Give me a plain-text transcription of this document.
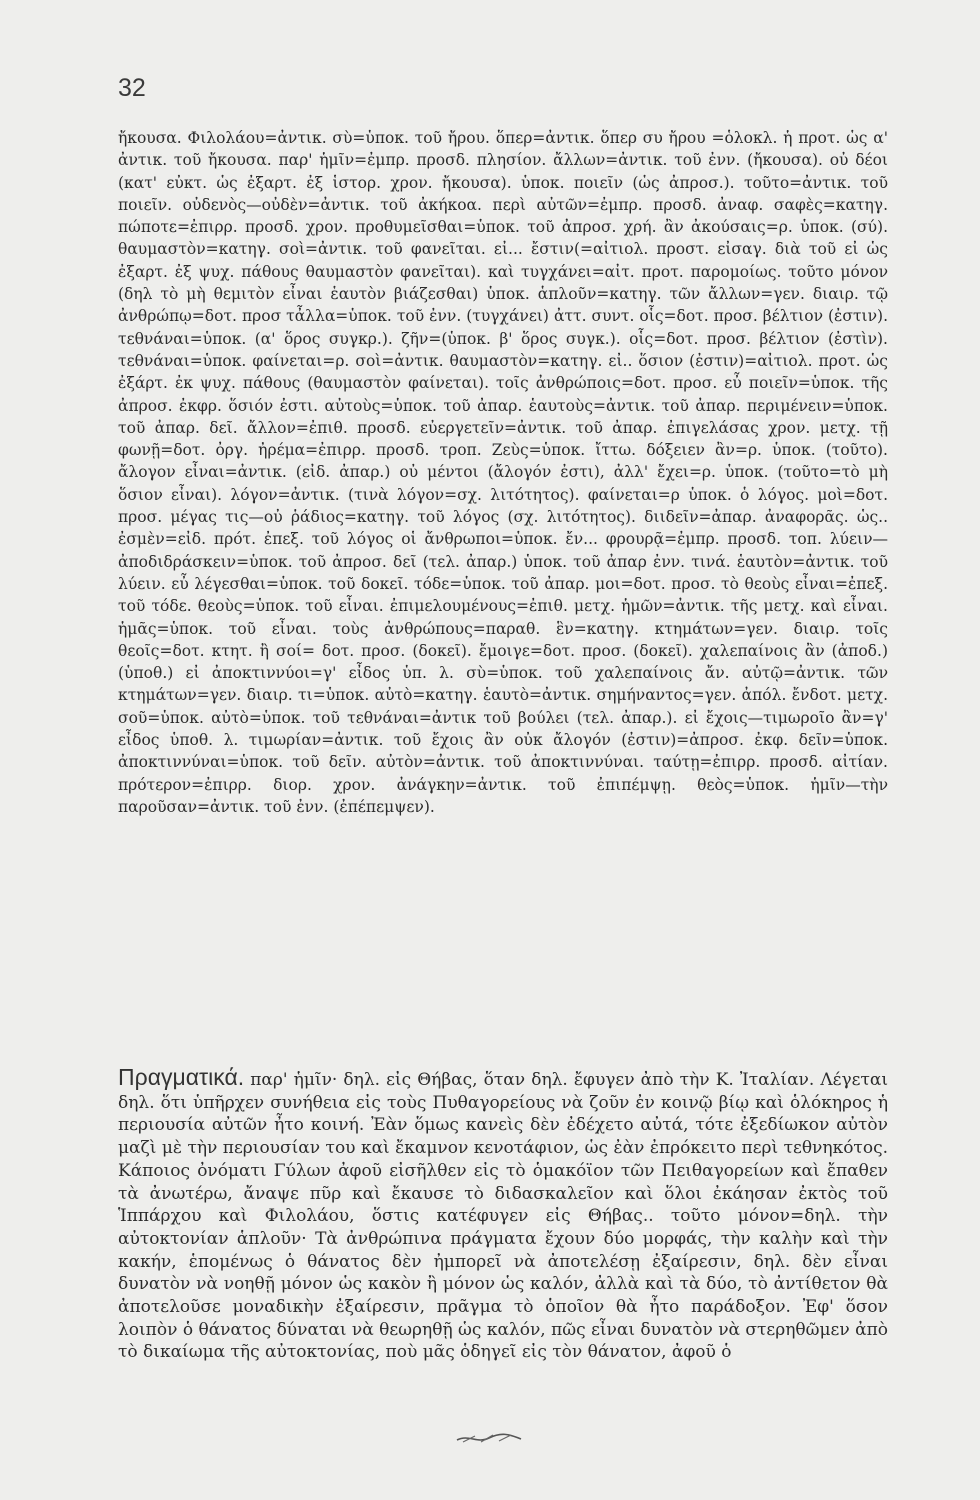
32

ἤκουσα. Φιλολάου=ἀντικ. σὺ=ὑποκ. τοῦ ἤρου. ὅπερ=ἀντικ. ὅπερ συ ἤρου =ὁλοκλ. ἡ προτ. ὡς α' ἀντικ. τοῦ ἤκουσα. παρ' ἡμῖν=ἐμπρ. προσδ. πλησίον. ἄλλων=ἀντικ. τοῦ ἐνν. (ἤκουσα). οὐ δέοι (κατ' εὐκτ. ὡς ἐξαρτ. ἐξ ἱστορ. χρον. ἤκουσα). ὑποκ. ποιεῖν (ὡς ἀπροσ.). τοῦτο=ἀντικ. τοῦ ποιεῖν. οὐδενὸς—οὐδὲν=ἀντικ. τοῦ ἀκήκοα. περὶ αὐτῶν=ἐμπρ. προσδ. ἀναφ. σαφὲς=κατηγ. πώποτε=ἐπιρρ. προσδ. χρον. προθυμεῖσθαι=ὑποκ. τοῦ ἀπροσ. χρή. ἂν ἀκούσαις=ρ. ὑποκ. (σύ). θαυμαστὸν=κατηγ. σοὶ=ἀντικ. τοῦ φανεῖται. εἰ... ἔστιν(=αἰτιολ. προστ. εἰσαγ. διὰ τοῦ εἰ ὡς ἐξαρτ. ἐξ ψυχ. πάθους θαυμαστὸν φανεῖται). καὶ τυγχάνει=αἰτ. προτ. παρομοίως. τοῦτο μόνον (δηλ τὸ μὴ θεμιτὸν εἶναι ἑαυτὸν βιάζεσθαι) ὑποκ. ἁπλοῦν=κατηγ. τῶν ἄλλων=γεν. διαιρ. τῷ ἀνθρώπῳ=δοτ. προσ τἆλλα=ὑποκ. τοῦ ἐνν. (τυγχάνει) ἀττ. συντ. οἷς=δοτ. προσ. βέλτιον (ἐστιν). τεθνάναι=ὑποκ. (α' ὅρος συγκρ.). ζῆν=(ὑποκ. β' ὅρος συγκ.). οἷς=δοτ. προσ. βέλτιον (ἐστὶν). τεθνάναι=ὑποκ. φαίνεται=ρ. σοὶ=ἀντικ. θαυμαστὸν=κατηγ. εἰ.. ὅσιον (ἐστιν)=αἰτιολ. προτ. ὡς ἐξάρτ. ἐκ ψυχ. πάθους (θαυμαστὸν φαίνεται). τοῖς ἀνθρώποις=δοτ. προσ. εὖ ποιεῖν=ὑποκ. τῆς ἀπροσ. ἐκφρ. ὅσιόν ἐστι. αὐτοὺς=ὑποκ. τοῦ ἀπαρ. ἑαυτοὺς=ἀντικ. τοῦ ἀπαρ. περιμένειν=ὑποκ. τοῦ ἀπαρ. δεῖ. ἄλλον=ἐπιθ. προσδ. εὐεργετεῖν=ἀντικ. τοῦ ἀπαρ. ἐπιγελάσας χρον. μετχ. τῇ φωνῇ=δοτ. ὀργ. ἠρέμα=ἐπιρρ. προσδ. τροπ. Ζεὺς=ὑποκ. ἴττω. δόξειεν ἂν=ρ. ὑποκ. (τοῦτο). ἄλογον εἶναι=ἀντικ. (εἰδ. ἀπαρ.) οὐ μέντοι (ἄλογόν ἐστι), ἀλλ' ἔχει=ρ. ὑποκ. (τοῦτο=τὸ μὴ ὅσιον εἶναι). λόγον=ἀντικ. (τινὰ λόγον=σχ. λιτότητος). φαίνεται=ρ ὑποκ. ὁ λόγος. μοὶ=δοτ. προσ. μέγας τις—οὐ ῥάδιος=κατηγ. τοῦ λόγος (σχ. λιτότητος). διιδεῖν=ἀπαρ. ἀναφορᾶς. ὡς.. ἐσμὲν=εἰδ. πρότ. ἐπεξ. τοῦ λόγος οἱ ἄνθρωποι=ὑποκ. ἔν... φρουρᾷ=ἐμπρ. προσδ. τοπ. λύειν—ἀποδιδράσκειν=ὑποκ. τοῦ ἀπροσ. δεῖ (τελ. ἀπαρ.) ὑποκ. τοῦ ἀπαρ ἐνν. τινά. ἑαυτὸν=ἀντικ. τοῦ λύειν. εὖ λέγεσθαι=ὑποκ. τοῦ δοκεῖ. τόδε=ὑποκ. τοῦ ἀπαρ. μοι=δοτ. προσ. τὸ θεοὺς εἶναι=ἐπεξ. τοῦ τόδε. θεοὺς=ὑποκ. τοῦ εἶναι. ἐπιμελουμένους=ἐπιθ. μετχ. ἡμῶν=ἀντικ. τῆς μετχ. καὶ εἶναι. ἡμᾶς=ὑποκ. τοῦ εἶναι. τοὺς ἀνθρώπους=παραθ. ἓν=κατηγ. κτημάτων=γεν. διαιρ. τοῖς θεοῖς=δοτ. κτητ. ἢ σοί= δοτ. προσ. (δοκεῖ). ἔμοιγε=δοτ. προσ. (δοκεῖ). χαλεπαίνοις ἂν (ἀποδ.) (ὑποθ.) εἰ ἀποκτιννύοι=γ' εἶδος ὑπ. λ. σὺ=ὑποκ. τοῦ χαλεπαίνοις ἄν. αὐτῷ=ἀντικ. τῶν κτημάτων=γεν. διαιρ. τι=ὑποκ. αὐτὸ=κατηγ. ἑαυτὸ=ἀντικ. σημήναντος=γεν. ἀπόλ. ἔνδοτ. μετχ. σοῦ=ὑποκ. αὐτὸ=ὑποκ. τοῦ τεθνάναι=ἀντικ τοῦ βούλει (τελ. ἀπαρ.). εἰ ἔχοις—τιμωροῖο ἂν=γ' εἶδος ὑποθ. λ. τιμωρίαν=ἀντικ. τοῦ ἔχοις ἂν οὐκ ἄλογόν (ἐστιν)=ἀπροσ. ἐκφ. δεῖν=ὑποκ. ἀποκτιννύναι=ὑποκ. τοῦ δεῖν. αὐτὸν=ἀντικ. τοῦ ἀποκτιννύναι. ταύτῃ=ἐπιρρ. προσδ. αἰτίαν. πρότερον=ἐπιρρ. διορ. χρον. ἀνάγκην=ἀντικ. τοῦ ἐπιπέμψῃ. θεὸς=ὑποκ. ἡμῖν—τὴν παροῦσαν=ἀντικ. τοῦ ἐνν. (ἐπέπεμψεν).

Πραγματικά. παρ' ἡμῖν· δηλ. εἰς Θήβας, ὅταν δηλ. ἔφυγεν ἀπὸ τὴν Κ. Ἰταλίαν. Λέγεται δηλ. ὅτι ὑπῆρχεν συνήθεια εἰς τοὺς Πυθαγορείους νὰ ζοῦν ἐν κοινῷ βίῳ καὶ ὁλόκηρος ἡ περιουσία αὐτῶν ἦτο κοινή. Ἐὰν ὅμως κανεὶς δὲν ἐδέχετο αὐτά, τότε ἐξεδίωκον αὐτὸν μαζὶ μὲ τὴν περιουσίαν του καὶ ἔκαμνον κενοτάφιον, ὡς ἐὰν ἐπρόκειτο περὶ τεθνηκότος. Κάποιος ὀνόματι Γύλων ἀφοῦ εἰσῆλθεν εἰς τὸ ὁμακόϊον τῶν Πειθαγορείων καὶ ἔπαθεν τὰ ἀνωτέρω, ἄναψε πῦρ καὶ ἔκαυσε τὸ διδασκαλεῖον καὶ ὅλοι ἐκάησαν ἐκτὸς τοῦ Ἱππάρχου καὶ Φιλολάου, ὅστις κατέφυγεν εἰς Θήβας.. τοῦτο μόνον=δηλ. τὴν αὐτοκτονίαν ἁπλοῦν· Τὰ ἀνθρώπινα πράγματα ἔχουν δύο μορφάς, τὴν καλὴν καὶ τὴν κακήν, ἑπομένως ὁ θάνατος δὲν ἠμπορεῖ νὰ ἀποτελέσῃ ἐξαίρεσιν, δηλ. δὲν εἶναι δυνατὸν νὰ νοηθῇ μόνον ὡς κακὸν ἢ μόνον ὡς καλόν, ἀλλὰ καὶ τὰ δύο, τὸ ἀντίθετον θὰ ἀποτελοῦσε μοναδικὴν ἐξαίρεσιν, πρᾶγμα τὸ ὁποῖον θὰ ἦτο παράδοξον. Ἐφ' ὅσον λοιπὸν ὁ θάνατος δύναται νὰ θεωρηθῇ ὡς καλόν, πῶς εἶναι δυνατὸν νὰ στερηθῶμεν ἀπὸ τὸ δικαίωμα τῆς αὐτοκτονίας, ποὺ μᾶς ὁδηγεῖ εἰς τὸν θάνατον, ἀφοῦ ὁ
